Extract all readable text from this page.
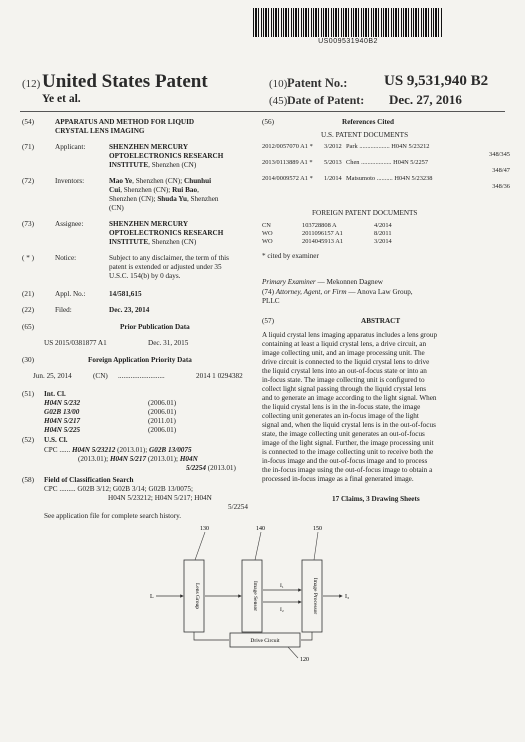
US009531940B2
(12) United States Patent
Ye et al.
(10) Patent No.: US 9,531,940 B2
(45) Date of Patent: Dec. 27, 2016
(54)	APPARATUS AND METHOD FOR LIQUID
CRYSTAL LENS IMAGING
(71)	Applicant:	SHENZHEN MERCURY
OPTOELECTRONICS RESEARCH
INSTITUTE, Shenzhen (CN)
(72)	Inventors:	Mao Ye, Shenzhen (CN); Chunhui
Cui, Shenzhen (CN); Rui Bao,
Shenzhen (CN); Shuda Yu, Shenzhen
(CN)
(73)	Assignee:	SHENZHEN MERCURY
OPTOELECTRONICS RESEARCH
INSTITUTE, Shenzhen (CN)
( * )	Notice:	Subject to any disclaimer, the term of this
patent is extended or adjusted under 35
U.S.C. 154(b) by 0 days.
(21)	Appl. No.:	14/581,615
(22)	Filed:	Dec. 23, 2014
(65)	Prior Publication Data
US 2015/0381877 A1	Dec. 31, 2015
(30)	Foreign Application Priority Data
Jun. 25, 2014	(CN) ..........................	2014 1 0294382
(51) Int. Cl.
H04N 5/232	(2006.01)
G02B 13/00	(2006.01)
H04N 5/217	(2011.01)
H04N 5/225	(2006.01)
(52) U.S. Cl.
CPC ...... H04N 5/23212 (2013.01); G02B 13/0075
(2013.01); H04N 5/217 (2013.01); H04N
5/2254 (2013.01)
(58) Field of Classification Search
CPC ......... G02B 3/12; G02B 3/14; G02B 13/0075;
H04N 5/23212; H04N 5/217; H04N
5/2254
See application file for complete search history.
(56)	References Cited
U.S. PATENT DOCUMENTS
2012/0057070 A1 *	3/2012	Park ................... H04N 5/23212
		348/345
2013/0113889 A1 *	5/2013	Chen ................... H04N 5/2257
		348/47
2014/0009572 A1 *	1/2014	Matsumoto .......... H04N 5/23238
		348/36
FOREIGN PATENT DOCUMENTS
CN	103728808 A	4/2014
WO	2011096157 A1	8/2011
WO	2014045913 A1	3/2014
* cited by examiner
Primary Examiner — Mekonnen Dagnew
(74) Attorney, Agent, or Firm — Anova Law Group,
PLLC
(57)	ABSTRACT
A liquid crystal lens imaging apparatus includes a lens group
containing at least a liquid crystal lens, a drive circuit, an
image collecting unit, and an image processing unit. The
drive circuit is connected to the liquid crystal lens to drive
the liquid crystal lens into an out-of-focus state or into an
in-focus state. The image collecting unit is configured to
collect light signal passing through the liquid crystal lens
and to generate an image according to the light signal. When
the liquid crystal lens is in the in-focus state, the image
collecting unit generates an in-focus image of the light
signal and, when the liquid crystal lens is in the out-of-focus
state, the image collecting unit generates an out-of-focus
image of the light signal. Further, the image processing unit
is connected to the image collecting unit to receive both the
in-focus image and the out-of-focus image and to process
the in-focus image using the out-of-focus image to obtain a
processed in-focus image as a final generated image.
17 Claims, 3 Drawing Sheets
130	140	150
Lens Group	Image Sensor	Image Processor
Drive Circuit
L
I₁
I₂
I₃
120
